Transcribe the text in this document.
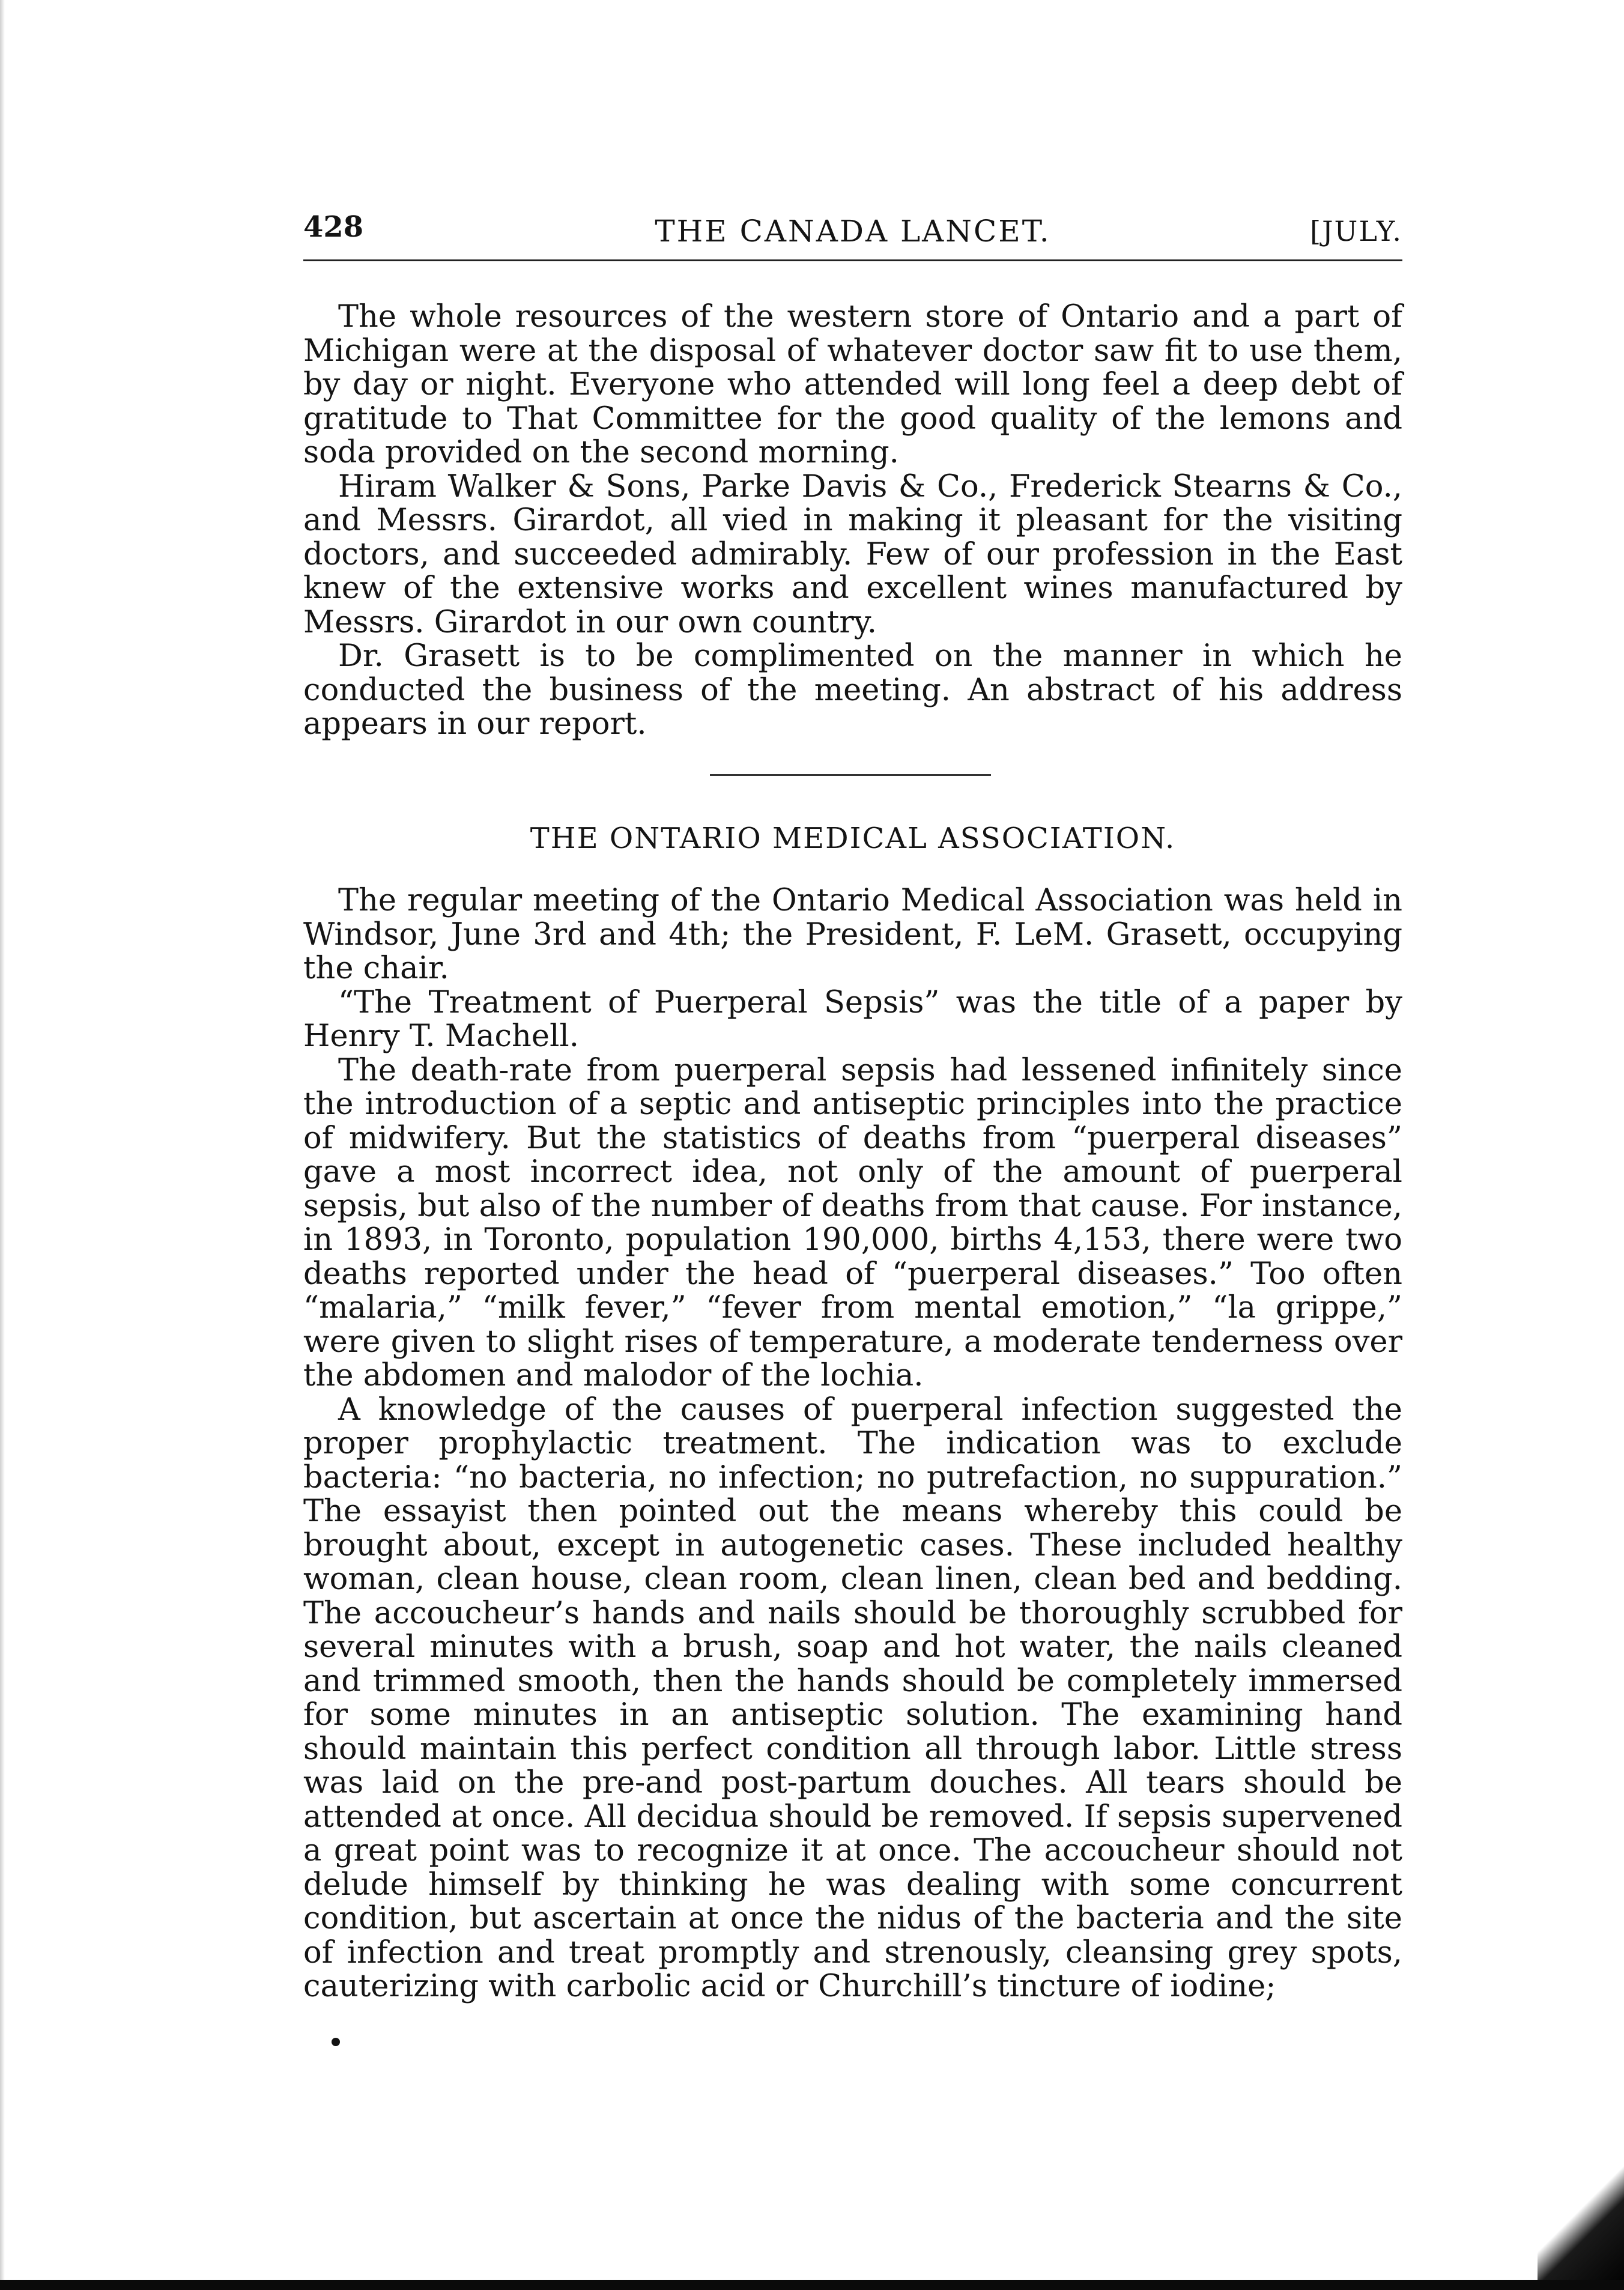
428	THE CANADA LANCET.	[JULY.

The whole resources of the western store of Ontario and a part of Michigan were at the disposal of whatever doctor saw fit to use them, by day or night. Everyone who attended will long feel a deep debt of gratitude to That Committee for the good quality of the lemons and soda provided on the second morning.

Hiram Walker & Sons, Parke Davis & Co., Frederick Stearns & Co., and Messrs. Girardot, all vied in making it pleasant for the visiting doctors, and succeeded admirably. Few of our profession in the East knew of the extensive works and excellent wines manufactured by Messrs. Girardot in our own country.

Dr. Grasett is to be complimented on the manner in which he conducted the business of the meeting. An abstract of his address appears in our report.

THE ONTARIO MEDICAL ASSOCIATION.

The regular meeting of the Ontario Medical Association was held in Windsor, June 3rd and 4th; the President, F. LeM. Grasett, occupying the chair.

“The Treatment of Puerperal Sepsis” was the title of a paper by Henry T. Machell.

The death-rate from puerperal sepsis had lessened infinitely since the introduction of a septic and antiseptic principles into the practice of midwifery. But the statistics of deaths from “puerperal diseases” gave a most incorrect idea, not only of the amount of puerperal sepsis, but also of the number of deaths from that cause. For instance, in 1893, in Toronto, population 190,000, births 4,153, there were two deaths reported under the head of “puerperal diseases.” Too often “malaria,” “milk fever,” “fever from mental emotion,” “la grippe,” were given to slight rises of temperature, a moderate tenderness over the abdomen and malodor of the lochia.

A knowledge of the causes of puerperal infection suggested the proper prophylactic treatment. The indication was to exclude bacteria: “no bacteria, no infection; no putrefaction, no suppuration.” The essayist then pointed out the means whereby this could be brought about, except in autogenetic cases. These included healthy woman, clean house, clean room, clean linen, clean bed and bedding. The accoucheur’s hands and nails should be thoroughly scrubbed for several minutes with a brush, soap and hot water, the nails cleaned and trimmed smooth, then the hands should be completely immersed for some minutes in an antiseptic solution. The examining hand should maintain this perfect condition all through labor. Little stress was laid on the pre-and post-partum douches. All tears should be attended at once. All decidua should be removed. If sepsis supervened a great point was to recognize it at once. The accoucheur should not delude himself by thinking he was dealing with some concurrent condition, but ascertain at once the nidus of the bacteria and the site of infection and treat promptly and strenously, cleansing grey spots, cauterizing with carbolic acid or Churchill’s tincture of iodine;
